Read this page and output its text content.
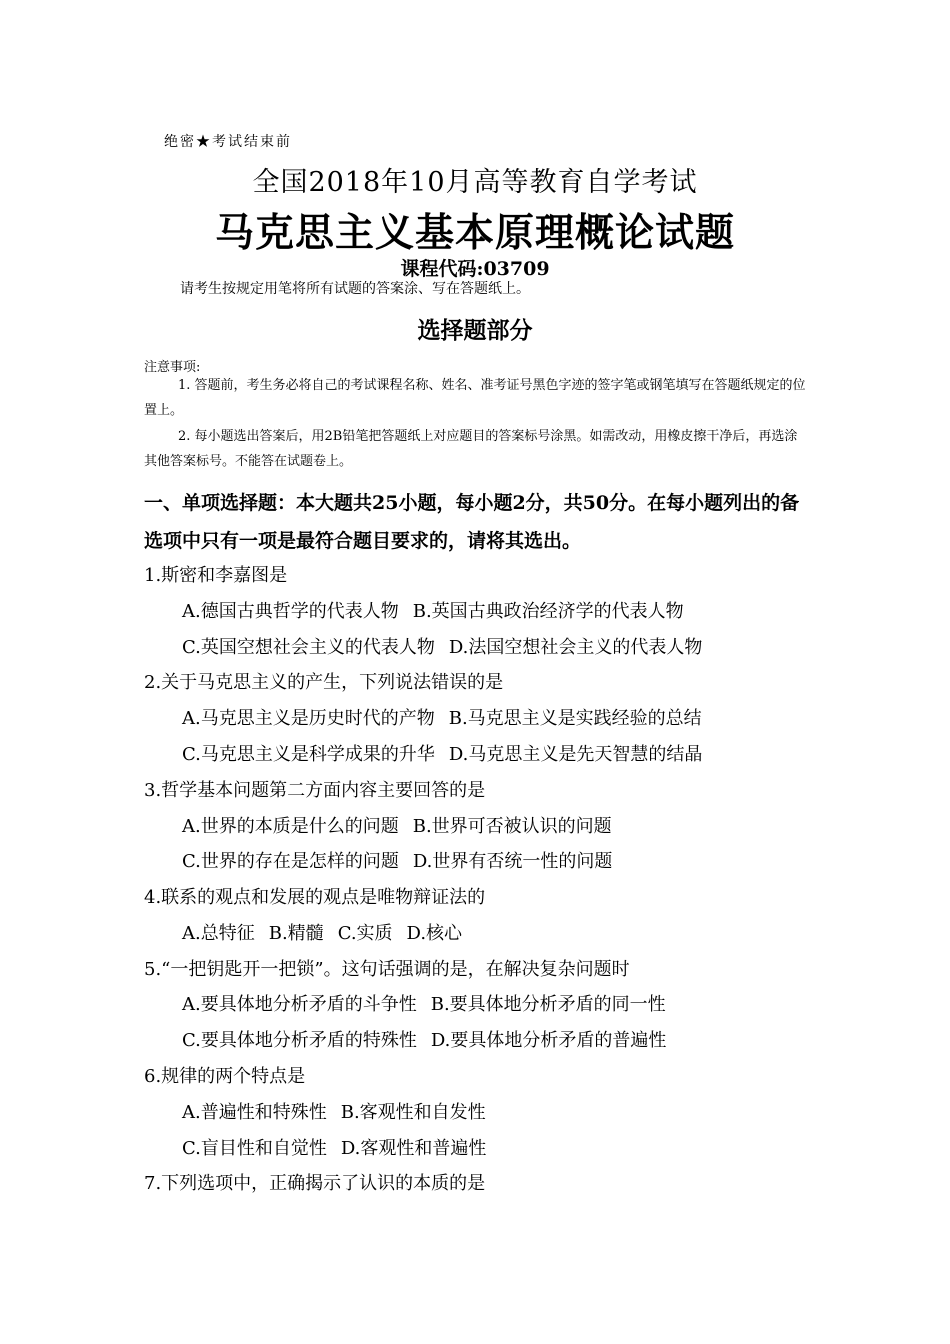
绝密★考试结束前
全国2018年10月高等教育自学考试
马克思主义基本原理概论试题
课程代码:03709
请考生按规定用笔将所有试题的答案涂、写在答题纸上。
选择题部分
注意事项:
1. 答题前，考生务必将自己的考试课程名称、姓名、准考证号黑色字迹的签字笔或钢笔填写在答题纸规定的位置上。
2. 每小题选出答案后，用2B铅笔把答题纸上对应题目的答案标号涂黑。如需改动，用橡皮擦干净后，再选涂其他答案标号。不能答在试题卷上。
一、单项选择题：本大题共25小题，每小题2分，共50分。在每小题列出的备选项中只有一项是最符合题目要求的，请将其选出。
1.斯密和李嘉图是
A.德国古典哲学的代表人物 B.英国古典政治经济学的代表人物
C.英国空想社会主义的代表人物 D.法国空想社会主义的代表人物
2.关于马克思主义的产生，下列说法错误的是
A.马克思主义是历史时代的产物 B.马克思主义是实践经验的总结
C.马克思主义是科学成果的升华 D.马克思主义是先天智慧的结晶
3.哲学基本问题第二方面内容主要回答的是
A.世界的本质是什么的问题 B.世界可否被认识的问题
C.世界的存在是怎样的问题 D.世界有否统一性的问题
4.联系的观点和发展的观点是唯物辩证法的
A.总特征 B.精髓 C.实质 D.核心
5.“一把钥匙开一把锁”。这句话强调的是，在解决复杂问题时
A.要具体地分析矛盾的斗争性 B.要具体地分析矛盾的同一性
C.要具体地分析矛盾的特殊性 D.要具体地分析矛盾的普遍性
6.规律的两个特点是
A.普遍性和特殊性 B.客观性和自发性
C.盲目性和自觉性 D.客观性和普遍性
7.下列选项中，正确揭示了认识的本质的是
